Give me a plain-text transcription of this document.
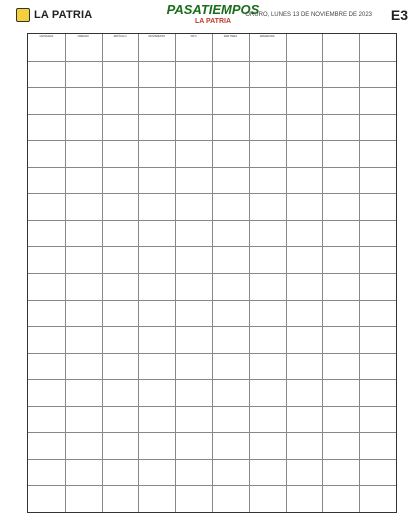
LA PATRIA	PASATIEMPOS
LA PATRIA
ORURO, LUNES 13 DE NOVIEMBRE DE 2023 E3
CHINGADA	OREADO	ARTÍCULO	MOVIMIENTO	ISTO	DAR TEMA	ARMADURA
